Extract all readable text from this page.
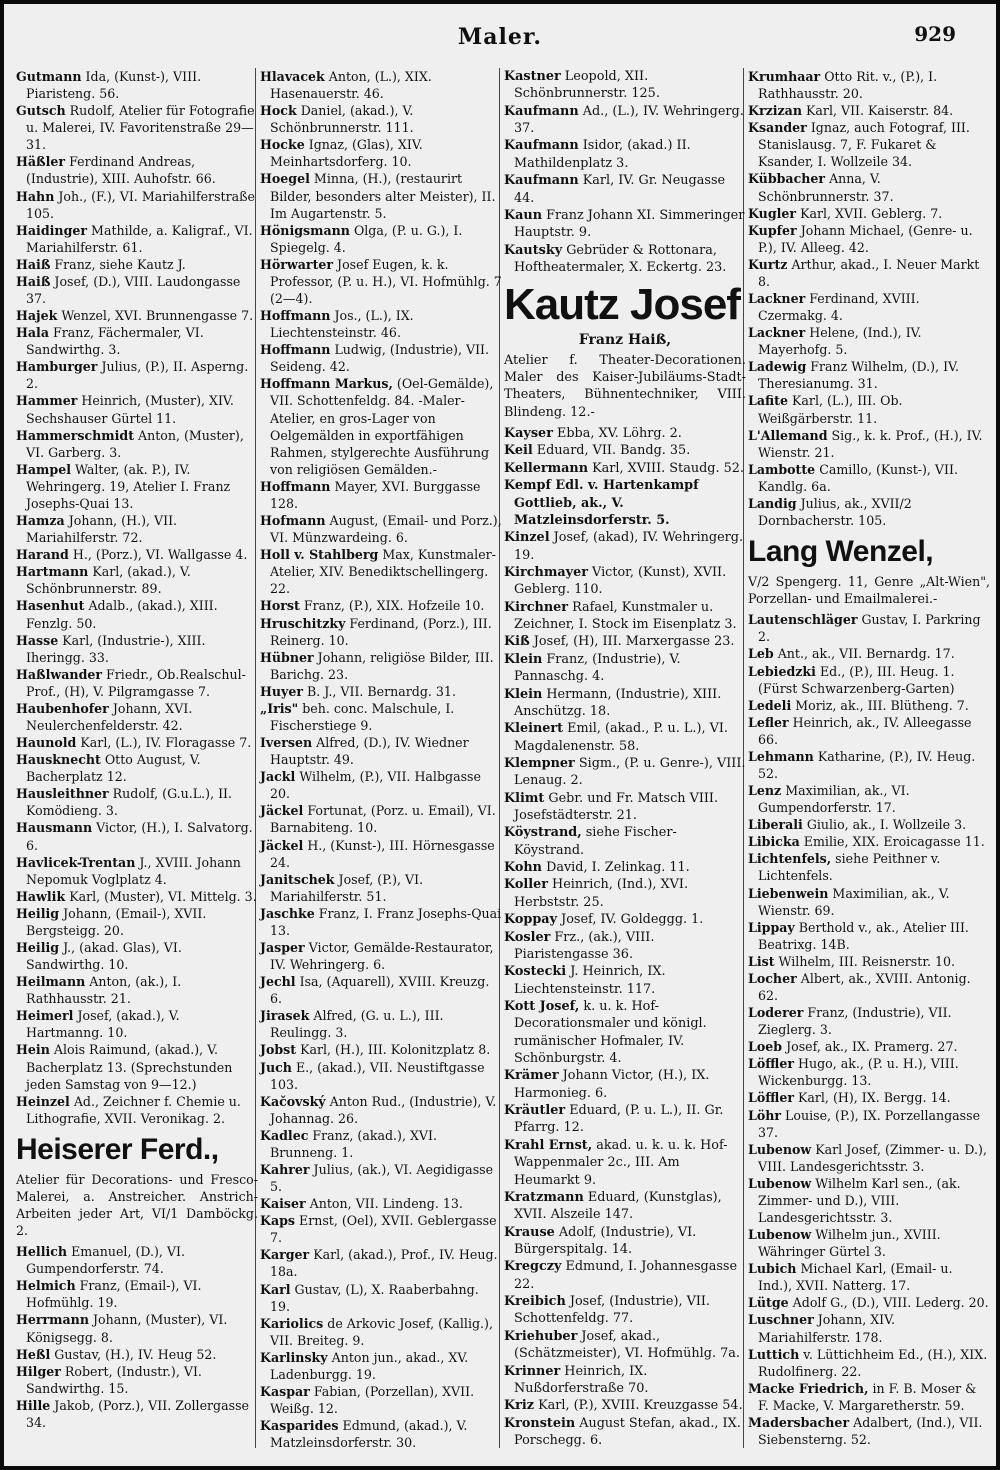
Maler.	929

Gutmann Ida, (Kunst-), VIII. Piaristeng. 56.

Gutsch Rudolf, Atelier für Fotografie u. Malerei, IV. Favoritenstraße 29—31.

Häßler Ferdinand Andreas, (Industrie), XIII. Auhofstr. 66.

Hahn Joh., (F.), VI. Mariahilferstraße 105.

Haidinger Mathilde, a. Kaligraf., VI. Mariahilferstr. 61.

Haiß Franz, siehe Kautz J.

Haiß Josef, (D.), VIII. Laudongasse 37.

Hajek Wenzel, XVI. Brunnengasse 7.

Hala Franz, Fächermaler, VI. Sandwirthg. 3.

Hamburger Julius, (P.), II. Asperng. 2.

Hammer Heinrich, (Muster), XIV. Sechshauser Gürtel 11.

Hammerschmidt Anton, (Muster), VI. Garberg. 3.

Hampel Walter, (ak. P.), IV. Wehringerg. 19, Atelier I. Franz Josephs-Quai 13.

Hamza Johann, (H.), VII. Mariahilferstr. 72.

Harand H., (Porz.), VI. Wallgasse 4.

Hartmann Karl, (akad.), V. Schönbrunnerstr. 89.

Hasenhut Adalb., (akad.), XIII. Fenzlg. 50.

Hasse Karl, (Industrie-), XIII. Iheringg. 33.

Haßlwander Friedr., Ob.Realschul-Prof., (H), V. Pilgramgasse 7.

Haubenhofer Johann, XVI. Neulerchenfelderstr. 42.

Haunold Karl, (L.), IV. Floragasse 7.

Hausknecht Otto August, V. Bacherplatz 12.

Hausleithner Rudolf, (G.u.L.), II. Komödieng. 3.

Hausmann Victor, (H.), I. Salvatorg. 6.

Havlicek-Trentan J., XVIII. Johann Nepomuk Voglplatz 4.

Hawlik Karl, (Muster), VI. Mittelg. 3.

Heilig Johann, (Email-), XVII. Bergsteigg. 20.

Heilig J., (akad. Glas), VI. Sandwirthg. 10.

Heilmann Anton, (ak.), I. Rathhausstr. 21.

Heimerl Josef, (akad.), V. Hartmanng. 10.

Hein Alois Raimund, (akad.), V. Bacherplatz 13. (Sprechstunden jeden Samstag von 9—12.)

Heinzel Ad., Zeichner f. Chemie u. Lithografie, XVII. Veronikag. 2.

Heiserer Ferd.,

Atelier für Decorations- und Fresco-Malerei, a. Anstreicher. Anstrich-Arbeiten jeder Art, VI/1 Damböckg. 2.

Hellich Emanuel, (D.), VI. Gumpendorferstr. 74.

Helmich Franz, (Email-), VI. Hofmühlg. 19.

Herrmann Johann, (Muster), VI. Königsegg. 8.

Heßl Gustav, (H.), IV. Heug 52.

Hilger Robert, (Industr.), VI. Sandwirthg. 15.

Hille Jakob, (Porz.), VII. Zollergasse 34.

Hlavacek Anton, (L.), XIX. Hasenauerstr. 46.

Hock Daniel, (akad.), V. Schönbrunnerstr. 111.

Hocke Ignaz, (Glas), XIV. Meinhartsdorferg. 10.

Hoegel Minna, (H.), (restaurirt Bilder, besonders alter Meister), II. Im Augartenstr. 5.

Hönigsmann Olga, (P. u. G.), I. Spiegelg. 4.

Hörwarter Josef Eugen, k. k. Professor, (P. u. H.), VI. Hofmühlg. 7 (2—4).

Hoffmann Jos., (L.), IX. Liechtensteinstr. 46.

Hoffmann Ludwig, (Industrie), VII. Seideng. 42.

Hoffmann Markus, (Oel-Gemälde), VII. Schottenfeldg. 84. -Maler-Atelier, en gros-Lager von Oelgemälden in exportfähigen Rahmen, stylgerechte Ausführung von religiösen Gemälden.-

Hoffmann Mayer, XVI. Burggasse 128.

Hofmann August, (Email- und Porz.), VI. Münzwardeing. 6.

Holl v. Stahlberg Max, Kunstmaler-Atelier, XIV. Benediktschellingerg. 22.

Horst Franz, (P.), XIX. Hofzeile 10.

Hruschitzky Ferdinand, (Porz.), III. Reinerg. 10.

Hübner Johann, religiöse Bilder, III. Barichg. 23.

Huyer B. J., VII. Bernardg. 31.

„Iris" beh. conc. Malschule, I. Fischerstiege 9.

Iversen Alfred, (D.), IV. Wiedner Hauptstr. 49.

Jackl Wilhelm, (P.), VII. Halbgasse 20.

Jäckel Fortunat, (Porz. u. Email), VI. Barnabiteng. 10.

Jäckel H., (Kunst-), III. Hörnesgasse 24.

Janitschek Josef, (P.), VI. Mariahilferstr. 51.

Jaschke Franz, I. Franz Josephs-Quai 13.

Jasper Victor, Gemälde-Restaurator, IV. Wehringerg. 6.

Jechl Isa, (Aquarell), XVIII. Kreuzg. 6.

Jirasek Alfred, (G. u. L.), III. Reulingg. 3.

Jobst Karl, (H.), III. Kolonitzplatz 8.

Juch E., (akad.), VII. Neustiftgasse 103.

Kačovský Anton Rud., (Industrie), V. Johannag. 26.

Kadlec Franz, (akad.), XVI. Brunneng. 1.

Kahrer Julius, (ak.), VI. Aegidigasse 5.

Kaiser Anton, VII. Lindeng. 13.

Kaps Ernst, (Oel), XVII. Geblergasse 7.

Karger Karl, (akad.), Prof., IV. Heug. 18a.

Karl Gustav, (L), X. Raaberbahng. 19.

Kariolics de Arkovic Josef, (Kallig.), VII. Breiteg. 9.

Karlinsky Anton jun., akad., XV. Ladenburgg. 19.

Kaspar Fabian, (Porzellan), XVII. Weißg. 12.

Kasparides Edmund, (akad.), V. Matzleinsdorferstr. 30.

Kastner Leopold, XII. Schönbrunnerstr. 125.

Kaufmann Ad., (L.), IV. Wehringerg. 37.

Kaufmann Isidor, (akad.) II. Mathildenplatz 3.

Kaufmann Karl, IV. Gr. Neugasse 44.

Kaun Franz Johann XI. Simmeringer Hauptstr. 9.

Kautsky Gebrüder & Rottonara, Hoftheatermaler, X. Eckertg. 23.

Kautz Josef
Franz Haiß,

Atelier f. Theater-Decorationen. Maler des Kaiser-Jubiläums-Stadt-Theaters, Bühnentechniker, VIII. Blindeng. 12.-

Kayser Ebba, XV. Löhrg. 2.

Keil Eduard, VII. Bandg. 35.

Kellermann Karl, XVIII. Staudg. 52.

Kempf Edl. v. Hartenkampf Gottlieb, ak., V. Matzleinsdorferstr. 5.

Kinzel Josef, (akad), IV. Wehringerg. 19.

Kirchmayer Victor, (Kunst), XVII. Geblerg. 110.

Kirchner Rafael, Kunstmaler u. Zeichner, I. Stock im Eisenplatz 3.

Kiß Josef, (H), III. Marxergasse 23.

Klein Franz, (Industrie), V. Pannaschg. 4.

Klein Hermann, (Industrie), XIII. Anschützg. 18.

Kleinert Emil, (akad., P. u. L.), VI. Magdalenenstr. 58.

Klempner Sigm., (P. u. Genre-), VIII. Lenaug. 2.

Klimt Gebr. und Fr. Matsch VIII. Josefstädterstr. 21.

Köystrand, siehe Fischer-Köystrand.

Kohn David, I. Zelinkag. 11.

Koller Heinrich, (Ind.), XVI. Herbststr. 25.

Koppay Josef, IV. Goldeggg. 1.

Kosler Frz., (ak.), VIII. Piaristengasse 36.

Kostecki J. Heinrich, IX. Liechtensteinstr. 117.

Kott Josef, k. u. k. Hof-Decorationsmaler und königl. rumänischer Hofmaler, IV. Schönburgstr. 4.

Krämer Johann Victor, (H.), IX. Harmonieg. 6.

Kräutler Eduard, (P. u. L.), II. Gr. Pfarrg. 12.

Krahl Ernst, akad. u. k. u. k. Hof-Wappenmaler 2c., III. Am Heumarkt 9.

Kratzmann Eduard, (Kunstglas), XVII. Alszeile 147.

Krause Adolf, (Industrie), VI. Bürgerspitalg. 14.

Kregczy Edmund, I. Johannesgasse 22.

Kreibich Josef, (Industrie), VII. Schottenfeldg. 77.

Kriehuber Josef, akad., (Schätzmeister), VI. Hofmühlg. 7a.

Krinner Heinrich, IX. Nußdorferstraße 70.

Kriz Karl, (P.), XVIII. Kreuzgasse 54.

Kronstein August Stefan, akad., IX. Porschegg. 6.

Krumhaar Otto Rit. v., (P.), I. Rathhausstr. 20.

Krzizan Karl, VII. Kaiserstr. 84.

Ksander Ignaz, auch Fotograf, III. Stanislausg. 7, F. Fukaret & Ksander, I. Wollzeile 34.

Kübbacher Anna, V. Schönbrunnerstr. 37.

Kugler Karl, XVII. Geblerg. 7.

Kupfer Johann Michael, (Genre- u. P.), IV. Alleeg. 42.

Kurtz Arthur, akad., I. Neuer Markt 8.

Lackner Ferdinand, XVIII. Czermakg. 4.

Lackner Helene, (Ind.), IV. Mayerhofg. 5.

Ladewig Franz Wilhelm, (D.), IV. Theresianumg. 31.

Lafite Karl, (L.), III. Ob. Weißgärberstr. 11.

L'Allemand Sig., k. k. Prof., (H.), IV. Wienstr. 21.

Lambotte Camillo, (Kunst-), VII. Kandlg. 6a.

Landig Julius, ak., XVII/2 Dornbacherstr. 105.

Lang Wenzel,

V/2 Spengerg. 11, Genre „Alt-Wien", Porzellan- und Emailmalerei.-

Lautenschläger Gustav, I. Parkring 2.

Leb Ant., ak., VII. Bernardg. 17.

Lebiedzki Ed., (P.), III. Heug. 1. (Fürst Schwarzenberg-Garten)

Ledeli Moriz, ak., III. Blütheng. 7.

Lefler Heinrich, ak., IV. Alleegasse 66.

Lehmann Katharine, (P.), IV. Heug. 52.

Lenz Maximilian, ak., VI. Gumpendorferstr. 17.

Liberali Giulio, ak., I. Wollzeile 3.

Libicka Emilie, XIX. Eroicagasse 11.

Lichtenfels, siehe Peithner v. Lichtenfels.

Liebenwein Maximilian, ak., V. Wienstr. 69.

Lippay Berthold v., ak., Atelier III. Beatrixg. 14B.

List Wilhelm, III. Reisnerstr. 10.

Locher Albert, ak., XVIII. Antonig. 62.

Loderer Franz, (Industrie), VII. Zieglerg. 3.

Loeb Josef, ak., IX. Pramerg. 27.

Löffler Hugo, ak., (P. u. H.), VIII. Wickenburgg. 13.

Löffler Karl, (H), IX. Bergg. 14.

Löhr Louise, (P.), IX. Porzellangasse 37.

Lubenow Karl Josef, (Zimmer- u. D.), VIII. Landesgerichtsstr. 3.

Lubenow Wilhelm Karl sen., (ak. Zimmer- und D.), VIII. Landesgerichtsstr. 3.

Lubenow Wilhelm jun., XVIII. Währinger Gürtel 3.

Lubich Michael Karl, (Email- u. Ind.), XVII. Natterg. 17.

Lütge Adolf G., (D.), VIII. Lederg. 20.

Luschner Johann, XIV. Mariahilferstr. 178.

Luttich v. Lüttichheim Ed., (H.), XIX. Rudolfinerg. 22.

Macke Friedrich, in F. B. Moser & F. Macke, V. Margaretherstr. 59.

Madersbacher Adalbert, (Ind.), VII. Siebensterng. 52.
